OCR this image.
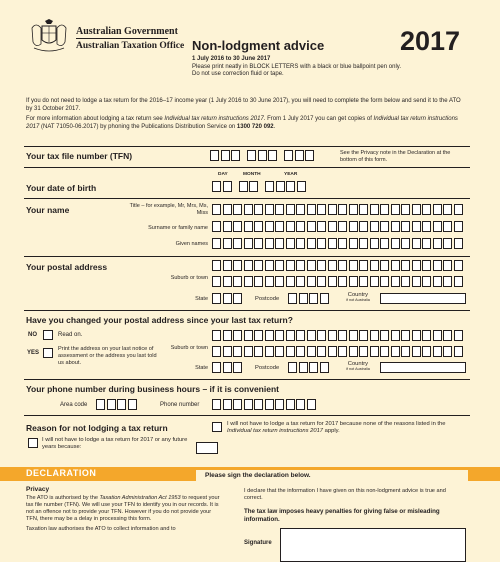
Australian Government
Australian Taxation Office Non-lodgment advice	2017
1 July 2016 to 30 June 2017
Please print neatly in BLOCK LETTERS with a black or blue ballpoint pen only.
Do not use correction fluid or tape.
If you do not need to lodge a tax return for the 2016–17 income year (1 July 2016 to 30 June 2017), you will need to complete the form below and send it to the ATO by 31 October 2017.
For more information about lodging a tax return see Individual tax return instructions 2017. From 1 July 2017 you can get copies of Individual tax return instructions 2017 (NAT 71050-06.2017) by phoning the Publications Distribution Service on 1300 720 092.
Your tax file number (TFN)	See the Privacy note in the Declaration at the bottom of this form.
DAY	MONTH	YEAR
Your date of birth
Your name	Title – for example, Mr, Mrs, Ms, Miss
Surname or family name
Given names
Your postal address
Suburb or town
State	Postcode
Country
if not Australia
Have you changed your postal address since your last tax return?
NO	Read on.
YES
Print the address on your last notice of assessment or the address you last told us about.
Suburb or town
State	Postcode
Country
if not Australia
Your phone number during business hours – if it is convenient
Area code	Phone number
Reason for not lodging a tax return
I will not have to lodge a tax return for 2017 or any future years because:
I will not have to lodge a tax return for 2017 because none of the reasons listed in the Individual tax return instructions 2017 apply.
DECLARATION	Please sign the declaration below.
Privacy
The ATO is authorised by the Taxation Administration Act 1953 to request your tax file number (TFN). We will use your TFN to identify you in our records. It is not an offence not to provide your TFN. However if you do not provide your TFN, there may be a delay in processing this form.
Taxation law authorises the ATO to collect information and to
I declare that the information I have given on this non-lodgment advice is true and correct.
The tax law imposes heavy penalties for giving false or misleading information.
Signature
